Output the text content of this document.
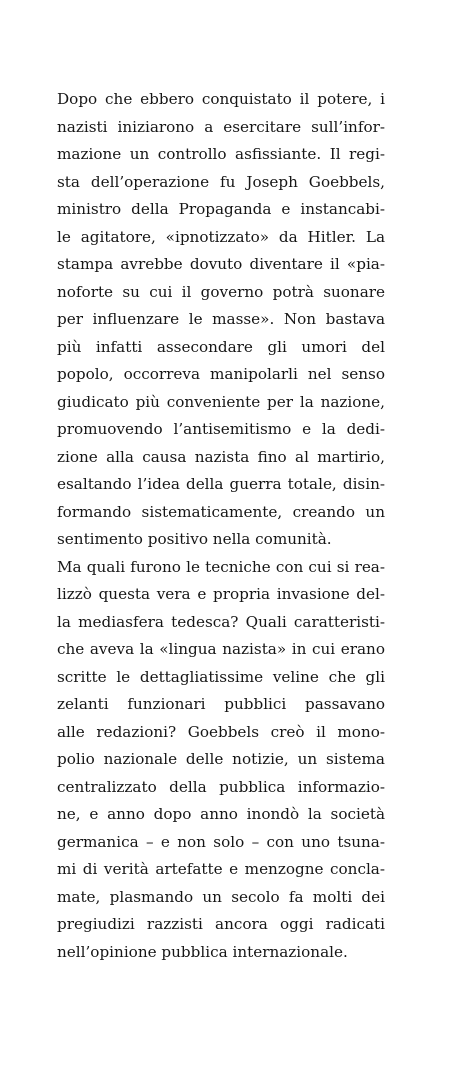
Dopo che ebbero conquistato il potere, i
nazisti iniziarono a esercitare sull’infor-
mazione un controllo asfissiante. Il regi-
sta dell’operazione fu Joseph Goebbels,
ministro della Propaganda e instancabi-
le agitatore, «ipnotizzato» da Hitler. La
stampa avrebbe dovuto diventare il «pia-
noforte su cui il governo potrà suonare
per influenzare le masse». Non bastava
più infatti assecondare gli umori del
popolo, occorreva manipolarli nel senso
giudicato più conveniente per la nazione,
promuovendo l’antisemitismo e la dedi-
zione alla causa nazista fino al martirio,
esaltando l’idea della guerra totale, disin-
formando sistematicamente, creando un
sentimento positivo nella comunità.
Ma quali furono le tecniche con cui si rea-
lizzò questa vera e propria invasione del-
la mediasfera tedesca? Quali caratteristi-
che aveva la «lingua nazista» in cui erano
scritte le dettagliatissime veline che gli
zelanti funzionari pubblici passavano
alle redazioni? Goebbels creò il mono-
polio nazionale delle notizie, un sistema
centralizzato della pubblica informazio-
ne, e anno dopo anno inondò la società
germanica – e non solo – con uno tsuna-
mi di verità artefatte e menzogne concla-
mate, plasmando un secolo fa molti dei
pregiudizi razzisti ancora oggi radicati
nell’opinione pubblica internazionale.
